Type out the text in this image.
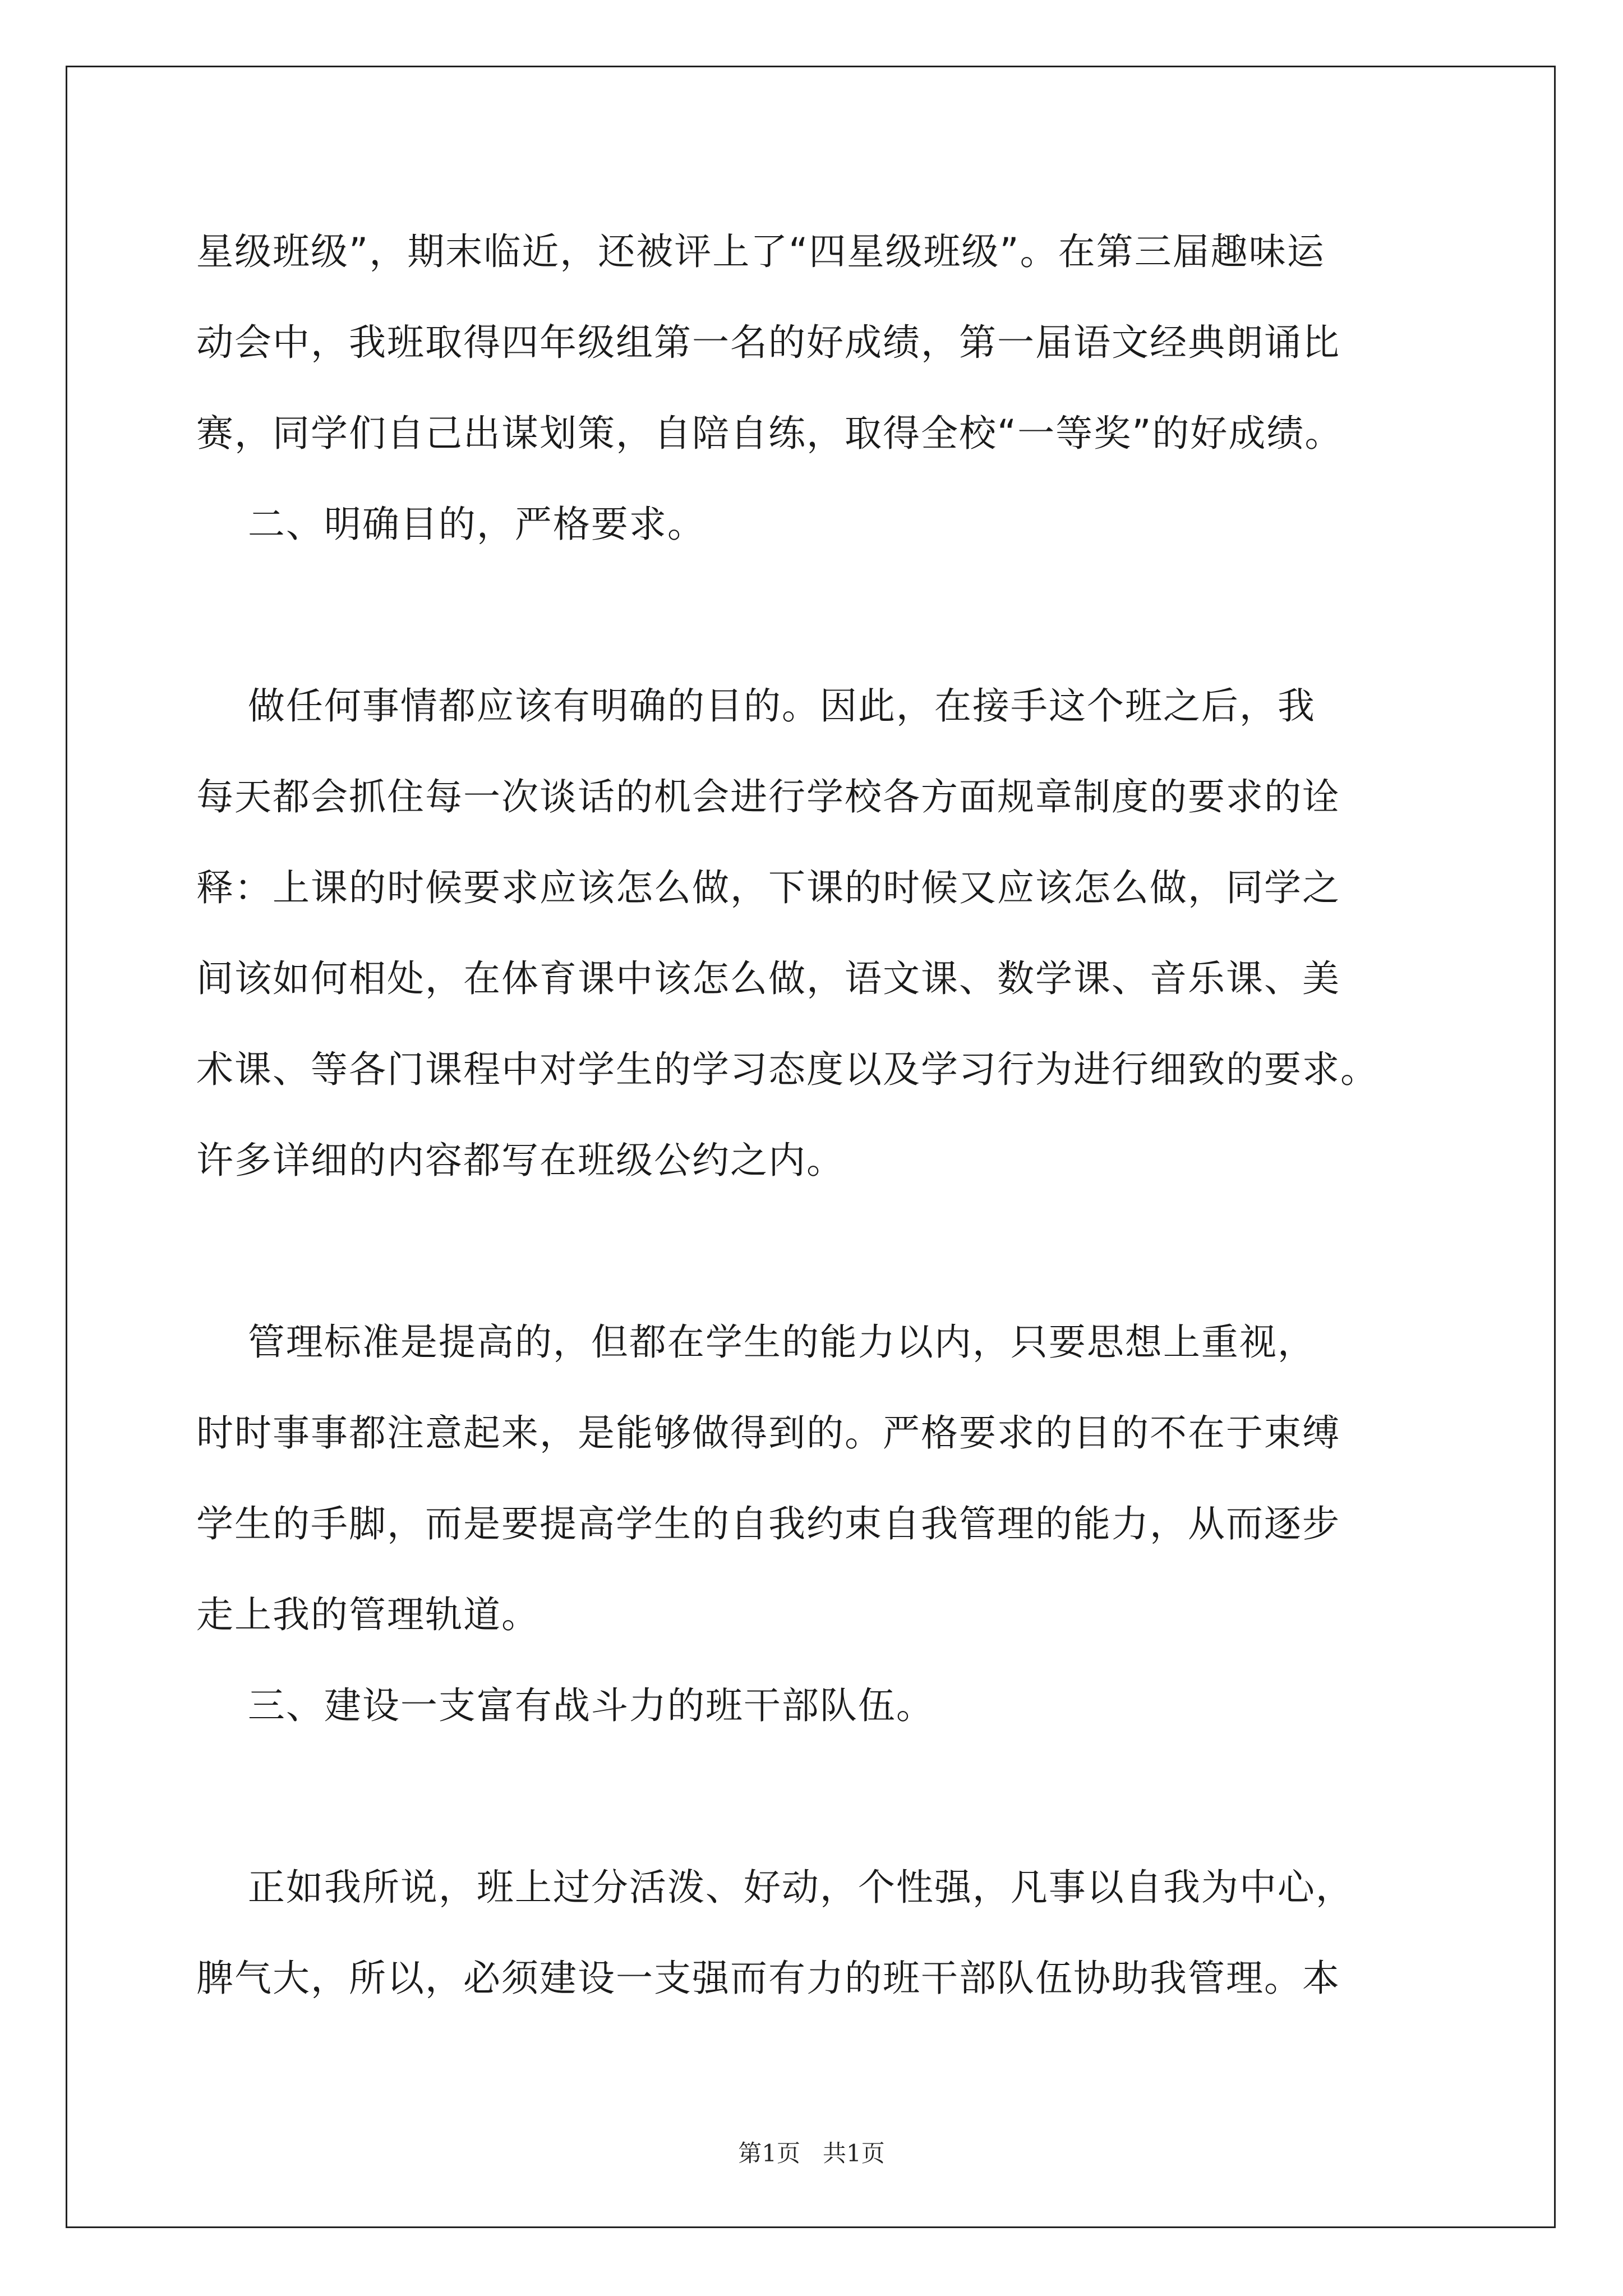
星级班级”，期末临近，还被评上了“四星级班级”。在第三届趣味运
动会中，我班取得四年级组第一名的好成绩，第一届语文经典朗诵比
赛，同学们自己出谋划策，自陪自练，取得全校“一等奖”的好成绩。

二、明确目的，严格要求。

做任何事情都应该有明确的目的。因此，在接手这个班之后，我
每天都会抓住每一次谈话的机会进行学校各方面规章制度的要求的诠
释：上课的时候要求应该怎么做，下课的时候又应该怎么做，同学之
间该如何相处，在体育课中该怎么做，语文课、数学课、音乐课、美
术课、等各门课程中对学生的学习态度以及学习行为进行细致的要求。
许多详细的内容都写在班级公约之内。

管理标准是提高的，但都在学生的能力以内，只要思想上重视，
时时事事都注意起来，是能够做得到的。严格要求的目的不在于束缚
学生的手脚，而是要提高学生的自我约束自我管理的能力，从而逐步
走上我的管理轨道。

三、建设一支富有战斗力的班干部队伍。

正如我所说，班上过分活泼、好动，个性强，凡事以自我为中心，
脾气大，所以，必须建设一支强而有力的班干部队伍协助我管理。本

第1页   共1页
